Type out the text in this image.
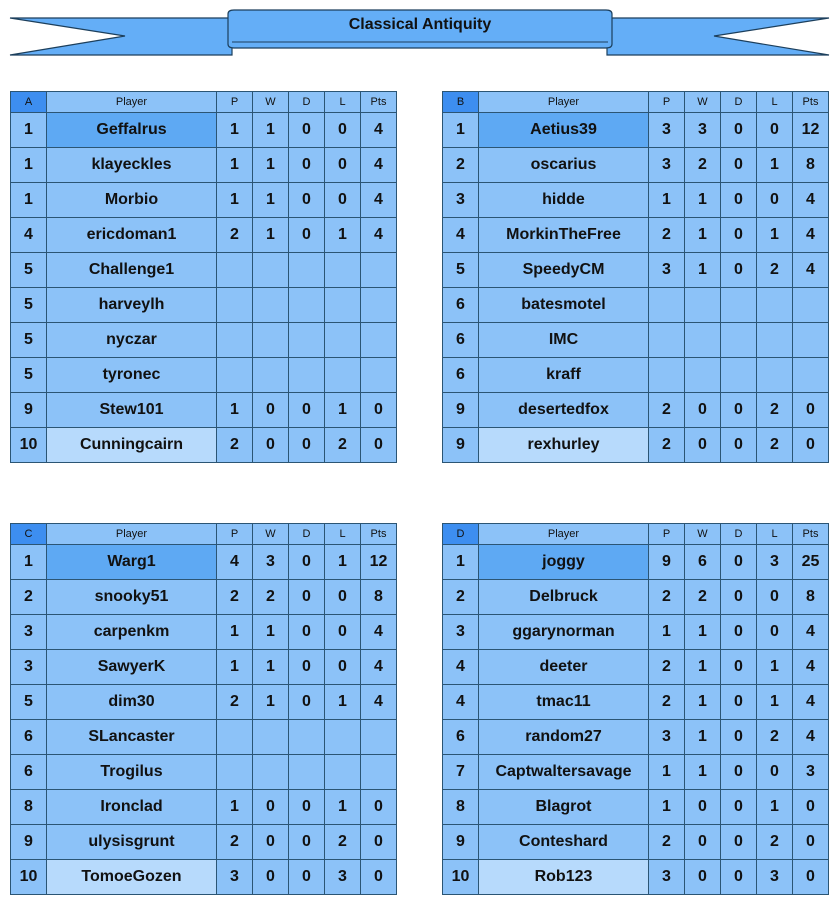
Classical Antiquity
A	Player	P	W	D	L	Pts
1	Geffalrus	1	1	0	0	4
1	klayeckles	1	1	0	0	4
1	Morbio	1	1	0	0	4
4	ericdoman1	2	1	0	1	4
5	Challenge1					
5	harveylh					
5	nyczar					
5	tyronec					
9	Stew101	1	0	0	1	0
10	Cunningcairn	2	0	0	2	0
B	Player	P	W	D	L	Pts
1	Aetius39	3	3	0	0	12
2	oscarius	3	2	0	1	8
3	hidde	1	1	0	0	4
4	MorkinTheFree	2	1	0	1	4
5	SpeedyCM	3	1	0	2	4
6	batesmotel					
6	IMC					
6	kraff					
9	desertedfox	2	0	0	2	0
9	rexhurley	2	0	0	2	0
C	Player	P	W	D	L	Pts
1	Warg1	4	3	0	1	12
2	snooky51	2	2	0	0	8
3	carpenkm	1	1	0	0	4
3	SawyerK	1	1	0	0	4
5	dim30	2	1	0	1	4
6	SLancaster					
6	Trogilus					
8	Ironclad	1	0	0	1	0
9	ulysisgrunt	2	0	0	2	0
10	TomoeGozen	3	0	0	3	0
D	Player	P	W	D	L	Pts
1	joggy	9	6	0	3	25
2	Delbruck	2	2	0	0	8
3	ggarynorman	1	1	0	0	4
4	deeter	2	1	0	1	4
4	tmac11	2	1	0	1	4
6	random27	3	1	0	2	4
7	Captwaltersavage	1	1	0	0	3
8	Blagrot	1	0	0	1	0
9	Conteshard	2	0	0	2	0
10	Rob123	3	0	0	3	0
